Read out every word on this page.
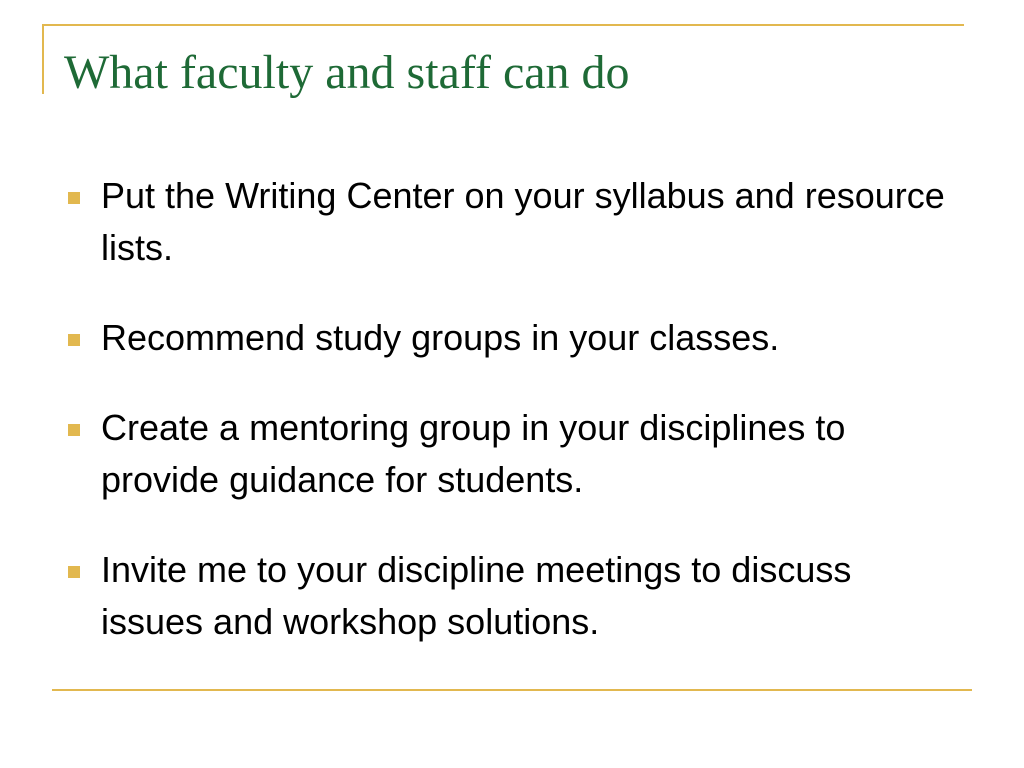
What faculty and staff can do
Put the Writing Center on your syllabus and resource lists.
Recommend study groups in your classes.
Create a mentoring group in your disciplines to provide guidance for students.
Invite me to your discipline meetings to discuss issues and workshop solutions.
